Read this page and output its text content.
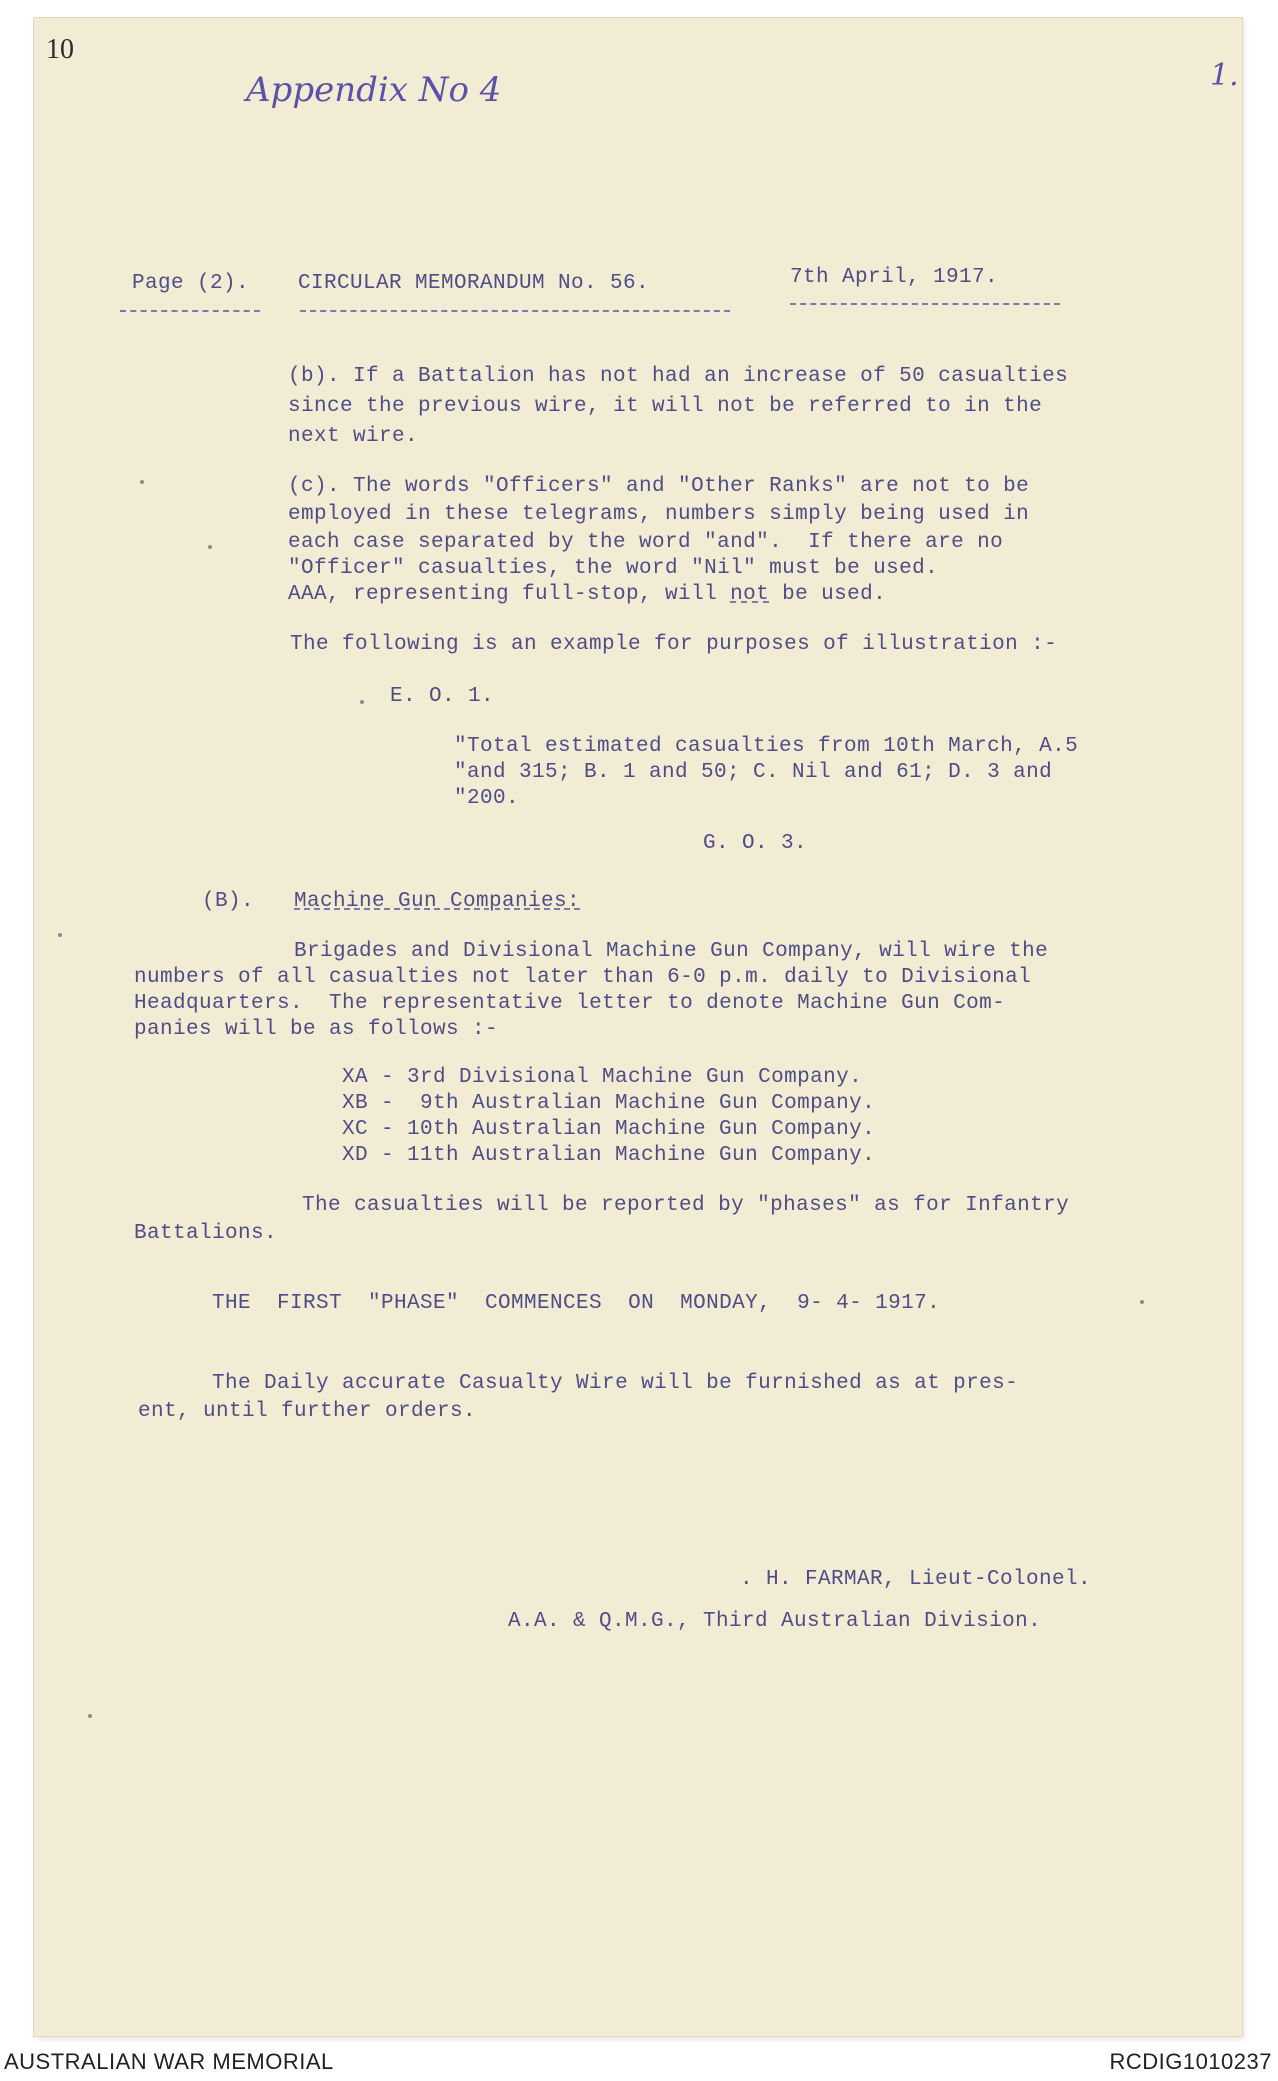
10
Appendix No 4	1.
Page (2). CIRCULAR MEMORANDUM No. 56.	7th April, 1917.
(b). If a Battalion has not had an increase of 50 casualties
since the previous wire, it will not be referred to in the
next wire.
(c). The words "Officers" and "Other Ranks" are not to be
employed in these telegrams, numbers simply being used in
each case separated by the word "and".  If there are no
"Officer" casualties, the word "Nil" must be used.
AAA, representing full-stop, will not be used.
The following is an example for purposes of illustration :-
E. O. 1.
"Total estimated casualties from 10th March, A.5
"and 315; B. 1 and 50; C. Nil and 61; D. 3 and
"200.
G. O. 3.
(B). Machine Gun Companies:
Brigades and Divisional Machine Gun Company, will wire the
numbers of all casualties not later than 6-0 p.m. daily to Divisional
Headquarters.  The representative letter to denote Machine Gun Com-
panies will be as follows :-
XA - 3rd Divisional Machine Gun Company.
XB -  9th Australian Machine Gun Company.
XC - 10th Australian Machine Gun Company.
XD - 11th Australian Machine Gun Company.
The casualties will be reported by "phases" as for Infantry
Battalions.
THE  FIRST  "PHASE"  COMMENCES  ON  MONDAY,  9- 4- 1917.
The Daily accurate Casualty Wire will be furnished as at pres-
ent, until further orders.
. H. FARMAR, Lieut-Colonel.
A.A. & Q.M.G., Third Australian Division.
AUSTRALIAN WAR MEMORIAL	RCDIG1010237
